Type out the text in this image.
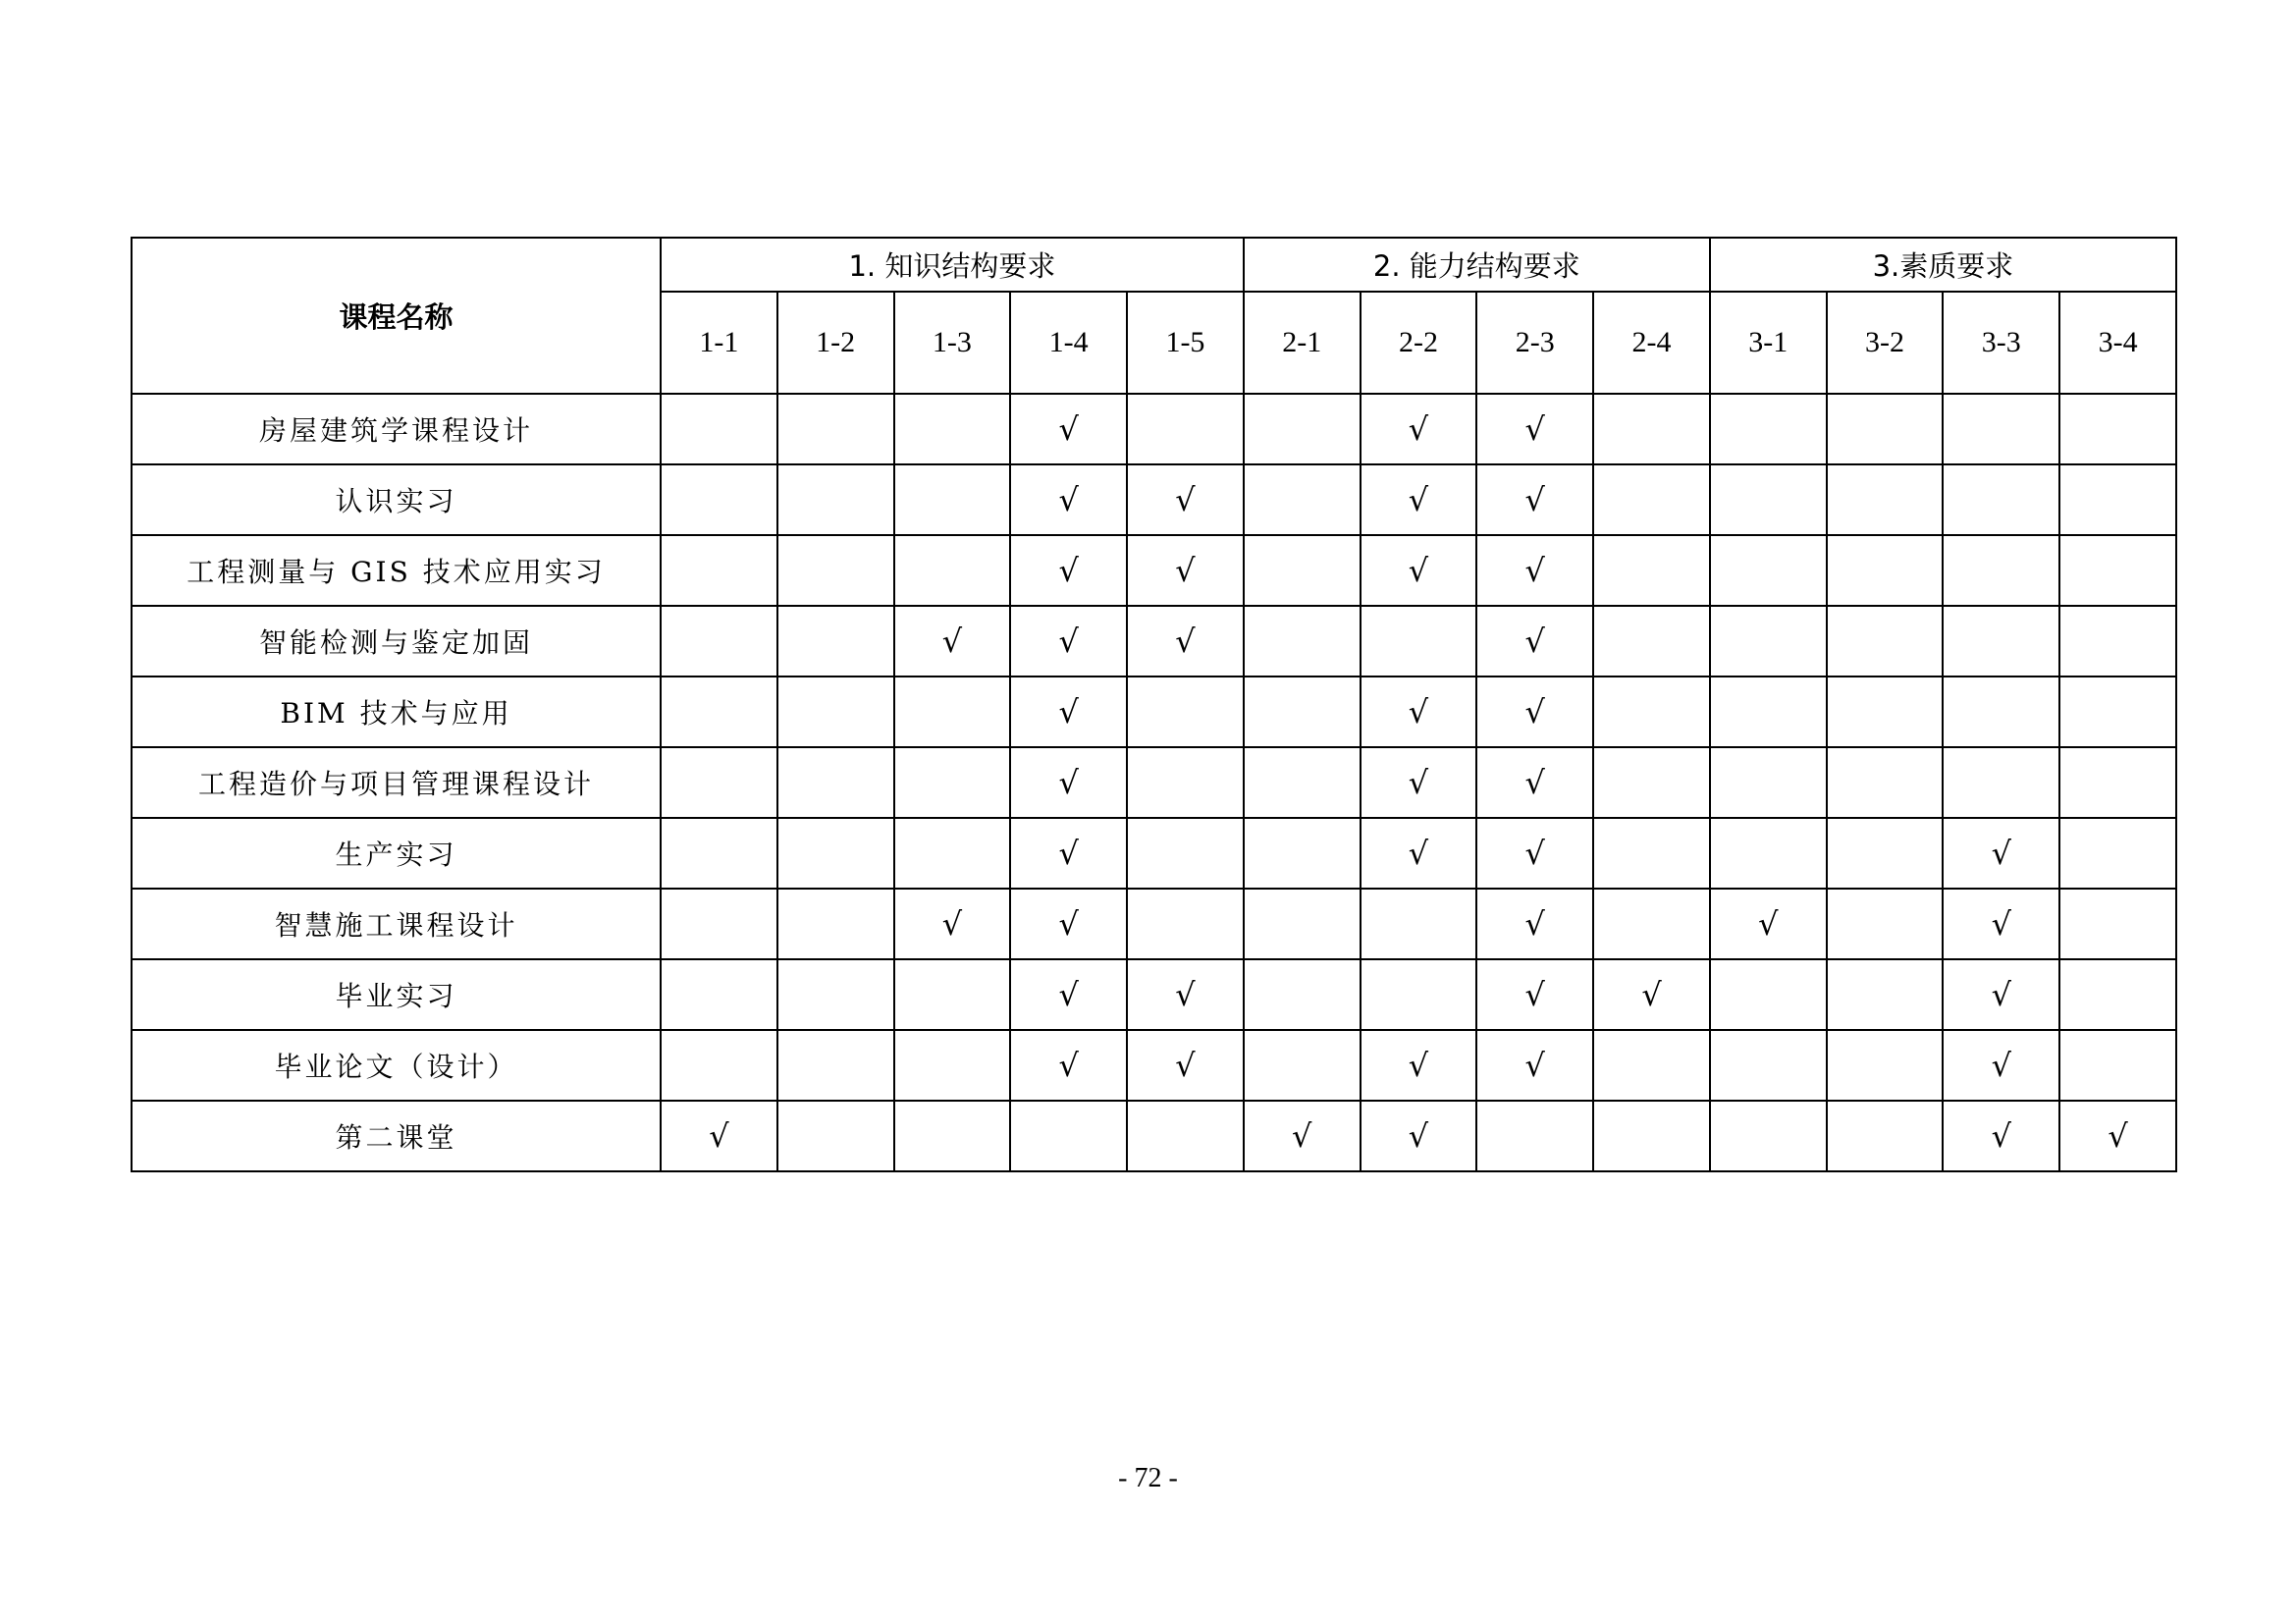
课程名称	1. 知识结构要求					2. 能力结构要求				3.素质要求			
	1-1	1-2	1-3	1-4	1-5	2-1	2-2	2-3	2-4	3-1	3-2	3-3	3-4
房屋建筑学课程设计				√			√	√					
认识实习				√	√		√	√					
工程测量与 GIS 技术应用实习				√	√		√	√					
智能检测与鉴定加固			√	√	√			√					
BIM 技术与应用				√			√	√					
工程造价与项目管理课程设计				√			√	√					
生产实习				√			√	√				√	
智慧施工课程设计			√	√				√		√		√	
毕业实习				√	√			√	√			√	
毕业论文（设计）				√	√		√	√				√	
第二课堂	√					√	√					√	√
- 72 -
